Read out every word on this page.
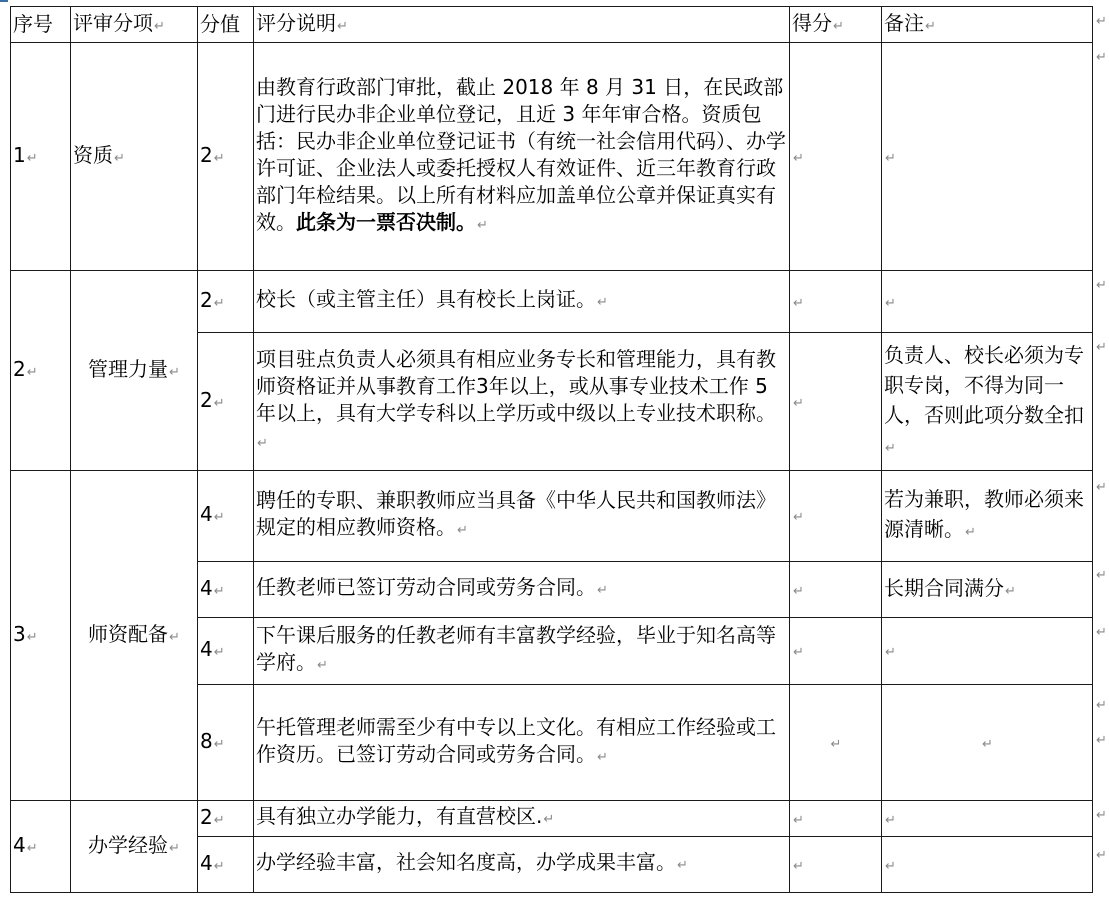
序号	评审分项↵	分值	评分说明↵	得分↵	备注↵
1↵	资质↵	2↵	由教育行政部门审批，截止 2018 年 8 月 31 日，在民政部门进行民办非企业单位登记，且近 3 年年审合格。资质包括：民办非企业单位登记证书（有统一社会信用代码）、办学许可证、企业法人或委托授权人有效证件、近三年教育行政部门年检结果。以上所有材料应加盖单位公章并保证真实有效。此条为一票否决制。↵	↵	↵
2↵	管理力量↵	2↵	校长（或主管主任）具有校长上岗证。↵	↵	↵
		2↵	项目驻点负责人必须具有相应业务专长和管理能力，具有教师资格证并从事教育工作3年以上，或从事专业技术工作 5 年以上，具有大学专科以上学历或中级以上专业技术职称。↵	↵	负责人、校长必须为专职专岗，不得为同一人，否则此项分数全扣↵
3↵	师资配备↵	4↵	聘任的专职、兼职教师应当具备《中华人民共和国教师法》规定的相应教师资格。↵	↵	若为兼职，教师必须来源清晰。↵
		4↵	任教老师已签订劳动合同或劳务合同。↵	↵	长期合同满分↵
		4↵	下午课后服务的任教老师有丰富教学经验，毕业于知名高等学府。↵	↵	↵
		8↵	午托管理老师需至少有中专以上文化。有相应工作经验或工作资历。已签订劳动合同或劳务合同。↵	↵	↵
4↵	办学经验↵	2↵	具有独立办学能力，有直营校区.↵	↵	↵
		4↵	办学经验丰富，社会知名度高，办学成果丰富。↵	↵	↵
↵
↵
↵
↵
↵
↵
↵
↵
↵
↵
↵
